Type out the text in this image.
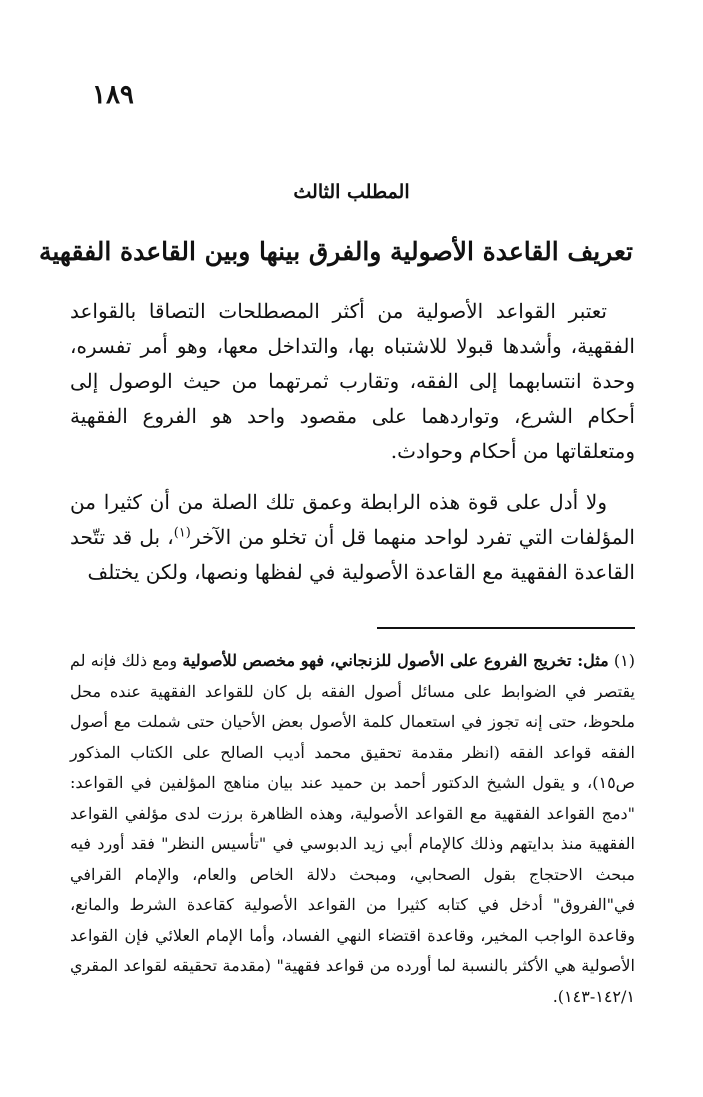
١٨٩
المطلب الثالث
تعريف القاعدة الأصولية والفرق بينها وبين القاعدة الفقهية

تعتبر القواعد الأصولية من أكثر المصطلحات التصاقا بالقواعد الفقهية، وأشدها قبولا للاشتباه بها، والتداخل معها، وهو أمر تفسره، وحدة انتسابهما إلى الفقه، وتقارب ثمرتهما من حيث الوصول إلى أحكام الشرع، وتواردهما على مقصود واحد هو الفروع الفقهية ومتعلقاتها من أحكام وحوادث.

ولا أدل على قوة هذه الرابطة وعمق تلك الصلة من أن كثيرا من المؤلفات التي تفرد لواحد منهما قل أن تخلو من الآخر$^{(١)}$، بل قد تتّحد القاعدة الفقهية مع القاعدة الأصولية في لفظها ونصها، ولكن يختلف

(١) مثل: تخريج الفروع على الأصول للزنجاني، فهو مخصص للأصولية ومع ذلك فإنه لم يقتصر في الضوابط على مسائل أصول الفقه بل كان للقواعد الفقهية عنده محل ملحوظ، حتى إنه تجوز في استعمال كلمة الأصول بعض الأحيان حتى شملت مع أصول الفقه قواعد الفقه (انظر مقدمة تحقيق محمد أديب الصالح على الكتاب المذكور ص١٥)، و يقول الشيخ الدكتور أحمد بن حميد عند بيان مناهج المؤلفين في القواعد: "دمج القواعد الفقهية مع القواعد الأصولية، وهذه الظاهرة برزت لدى مؤلفي القواعد الفقهية منذ بدايتهم وذلك كالإمام أبي زيد الدبوسي في "تأسيس النظر" فقد أورد فيه مبحث الاحتجاج بقول الصحابي، ومبحث دلالة الخاص والعام، والإمام القرافي في"الفروق" أدخل في كتابه كثيرا من القواعد الأصولية كقاعدة الشرط والمانع، وقاعدة الواجب المخير، وقاعدة اقتضاء النهي الفساد، وأما الإمام العلائي فإن القواعد الأصولية هي الأكثر بالنسبة لما أورده من قواعد فقهية" (مقدمة تحقيقه لقواعد المقري ١٤٢/١-١٤٣).
